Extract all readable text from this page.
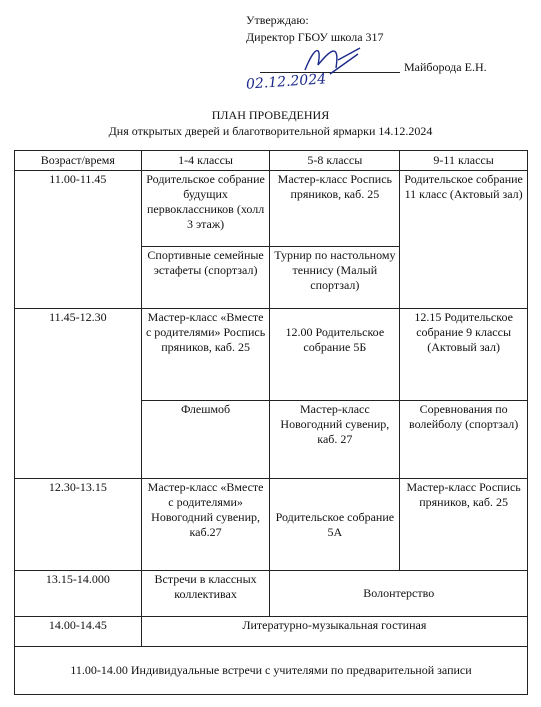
Утверждаю:
Директор ГБОУ школа 317
Майборода Е.Н.
02.12.2024
ПЛАН ПРОВЕДЕНИЯ
Дня открытых дверей и благотворительной ярмарки 14.12.2024
Возраст/время	1-4 классы	5-8 классы	9-11 классы
11.00-11.45	Родительское собрание будущих первоклассников (холл 3 этаж)	Мастер-класс Роспись пряников, каб. 25	Родительское собрание 11 класс (Актовый зал)
	Спортивные семейные эстафеты (спортзал)	Турнир по настольному теннису (Малый спортзал)	
11.45-12.30	Мастер-класс «Вместе с родителями» Роспись пряников, каб. 25	12.00 Родительское собрание 5Б	12.15 Родительское собрание 9 классы (Актовый зал)
	Флешмоб	Мастер-класс Новогодний сувенир, каб. 27	Соревнования по волейболу (спортзал)
12.30-13.15	Мастер-класс «Вместе с родителями» Новогодний сувенир, каб.27	Родительское собрание 5А	Мастер-класс Роспись пряников, каб. 25
13.15-14.000	Встречи в классных коллективах	Волонтерство	
14.00-14.45	Литературно-музыкальная гостиная		
11.00-14.00 Индивидуальные встречи с учителями по предварительной записи			
